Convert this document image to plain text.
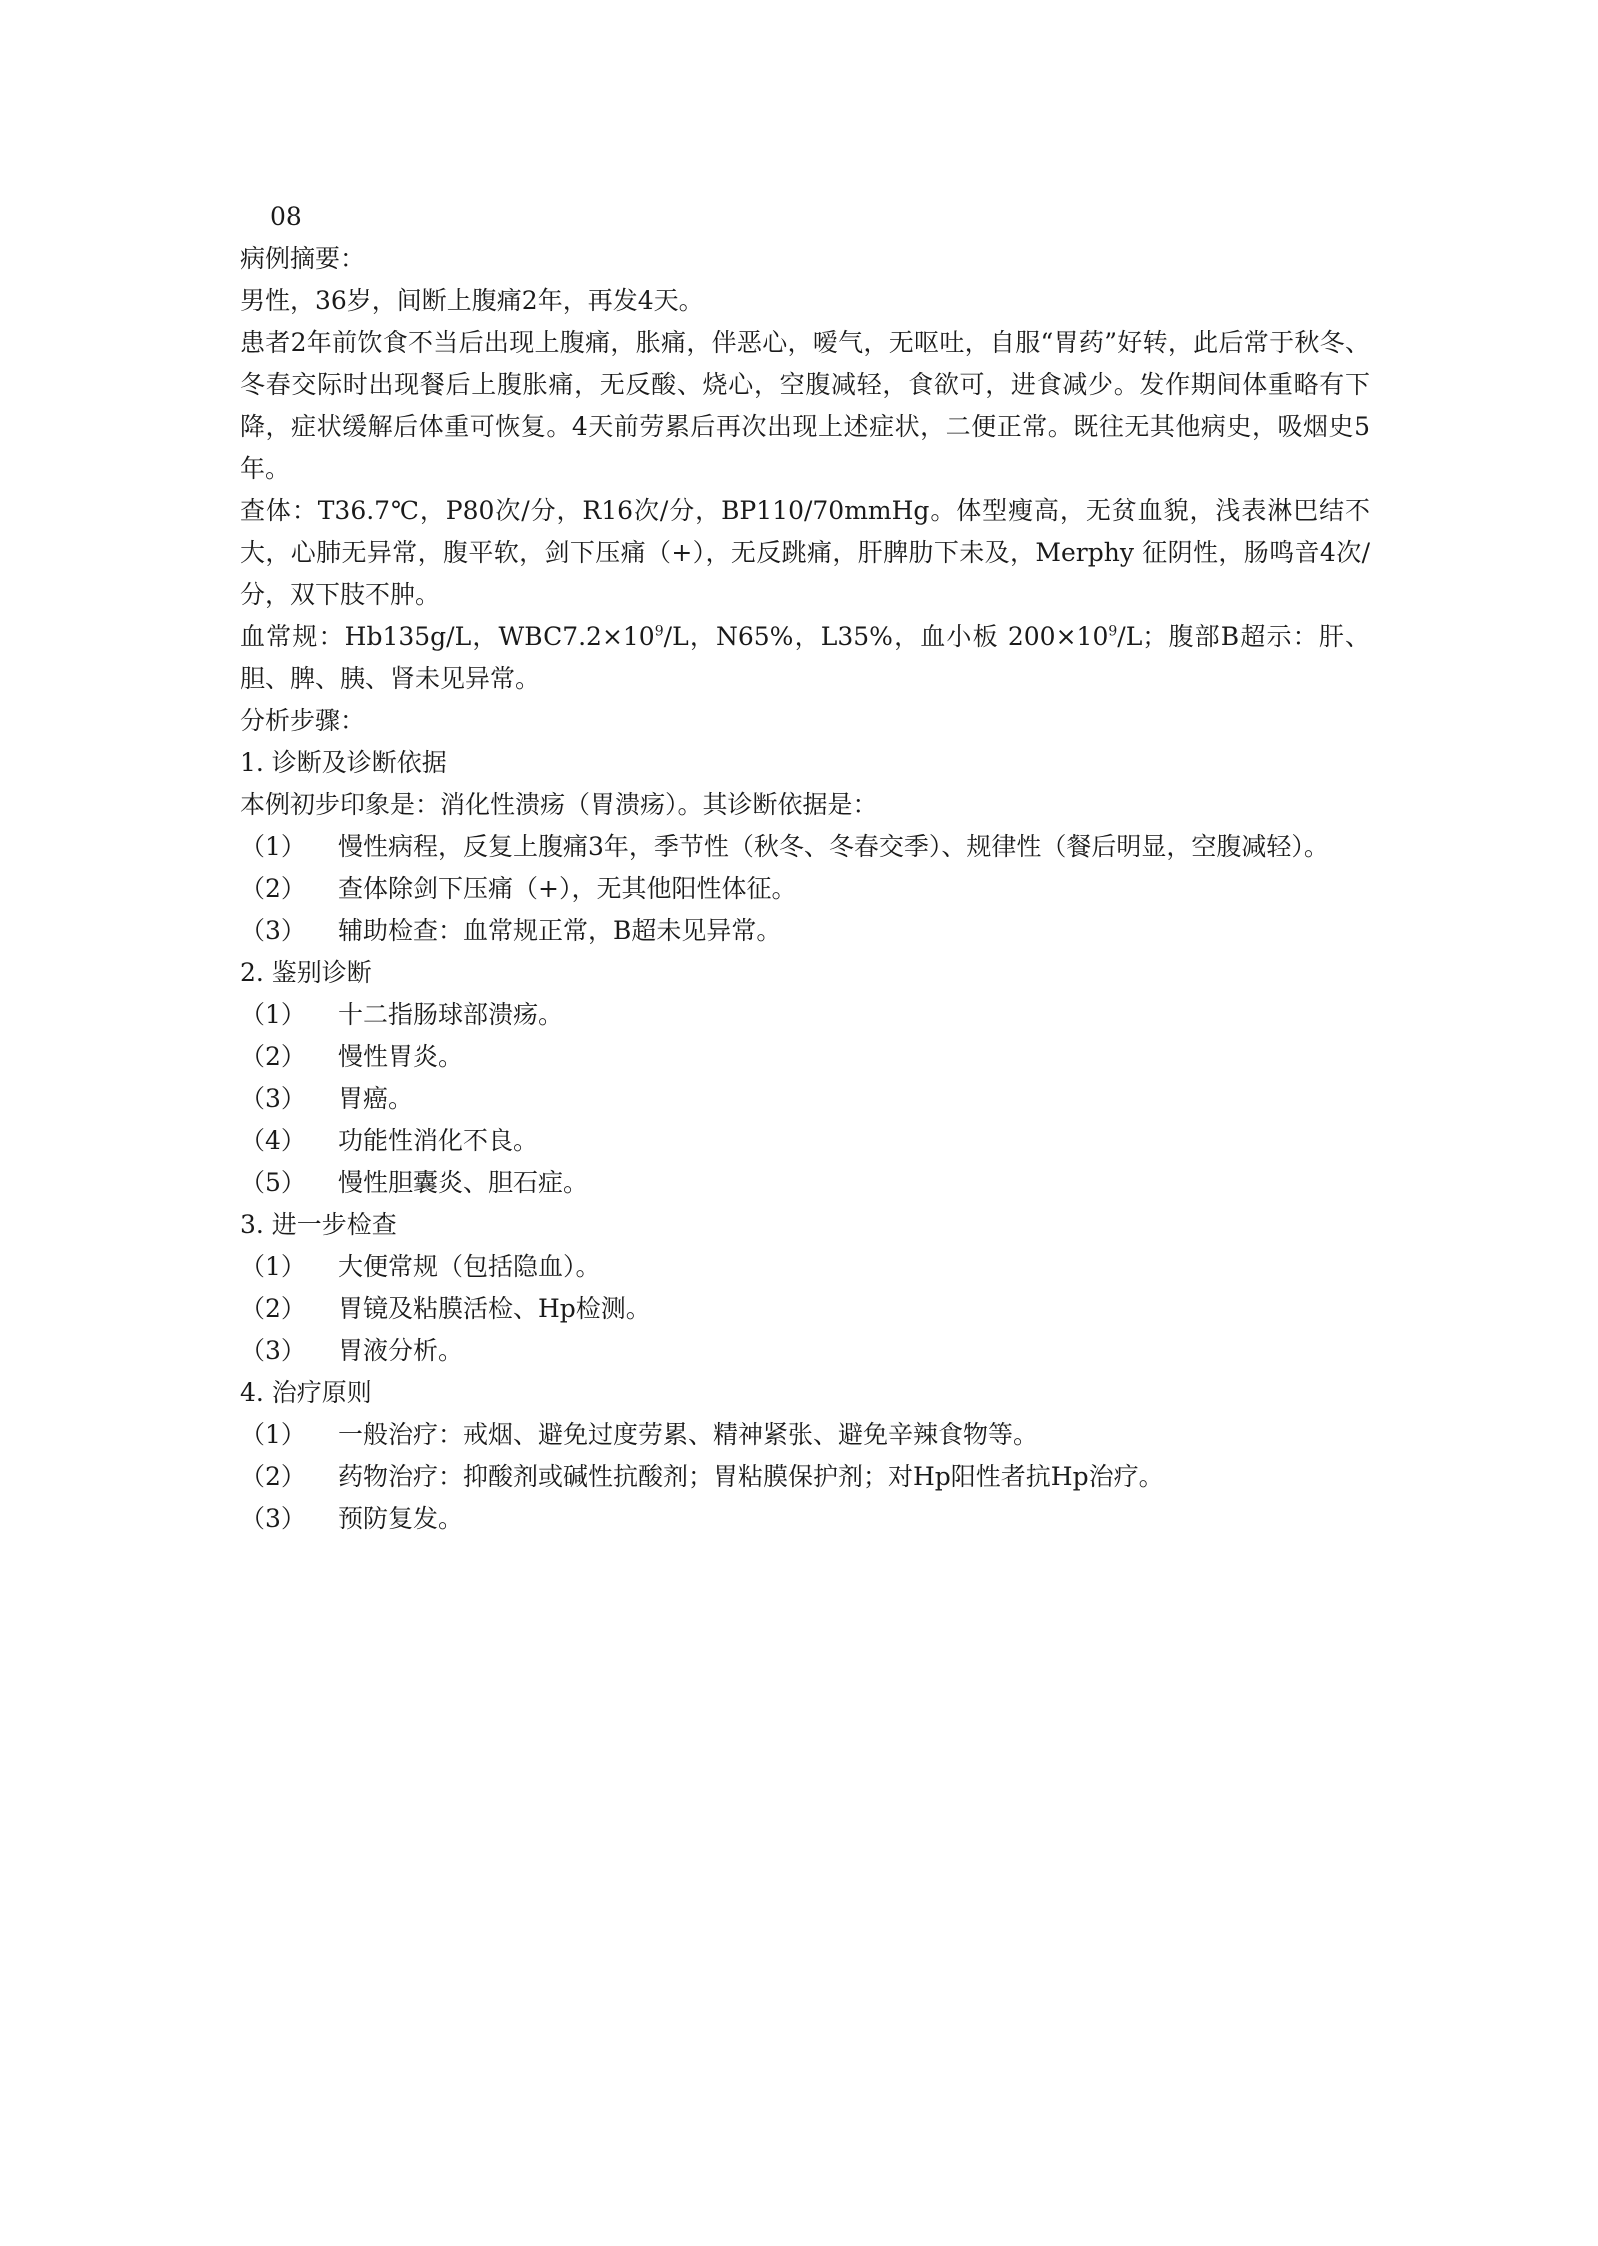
08
病例摘要：
男性，36岁，间断上腹痛2年，再发4天。
患者2年前饮食不当后出现上腹痛，胀痛，伴恶心，嗳气，无呕吐，自服“胃药”好转，此后常于秋冬、冬春交际时出现餐后上腹胀痛，无反酸、烧心，空腹减轻，食欲可，进食减少。发作期间体重略有下降，症状缓解后体重可恢复。4天前劳累后再次出现上述症状，二便正常。既往无其他病史，吸烟史5年。
查体：T36.7℃，P80次/分，R16次/分，BP110/70mmHg。体型瘦高，无贫血貌，浅表淋巴结不大，心肺无异常，腹平软，剑下压痛（+），无反跳痛，肝脾肋下未及，Merphy 征阴性，肠鸣音4次/分，双下肢不肿。
血常规：Hb135g/L，$WBC7.2\times 10^9/L$，N65%，L35%，血小板 $200\times 10^9/L$；腹部B超示：肝、胆、脾、胰、肾未见异常。
分析步骤：
1. 诊断及诊断依据
本例初步印象是：消化性溃疡（胃溃疡）。其诊断依据是：
（1）	慢性病程，反复上腹痛3年，季节性（秋冬、冬春交季）、规律性（餐后明显，空腹减轻）。
（2）	查体除剑下压痛（+），无其他阳性体征。
（3）	辅助检查：血常规正常，B超未见异常。
2. 鉴别诊断
（1）	十二指肠球部溃疡。
（2）	慢性胃炎。
（3）	胃癌。
（4）	功能性消化不良。
（5）	慢性胆囊炎、胆石症。
3. 进一步检查
（1）	大便常规（包括隐血）。
（2）	胃镜及粘膜活检、Hp检测。
（3）	胃液分析。
4. 治疗原则
（1）	一般治疗：戒烟、避免过度劳累、精神紧张、避免辛辣食物等。
（2）	药物治疗：抑酸剂或碱性抗酸剂；胃粘膜保护剂；对Hp阳性者抗Hp治疗。
（3）	预防复发。
